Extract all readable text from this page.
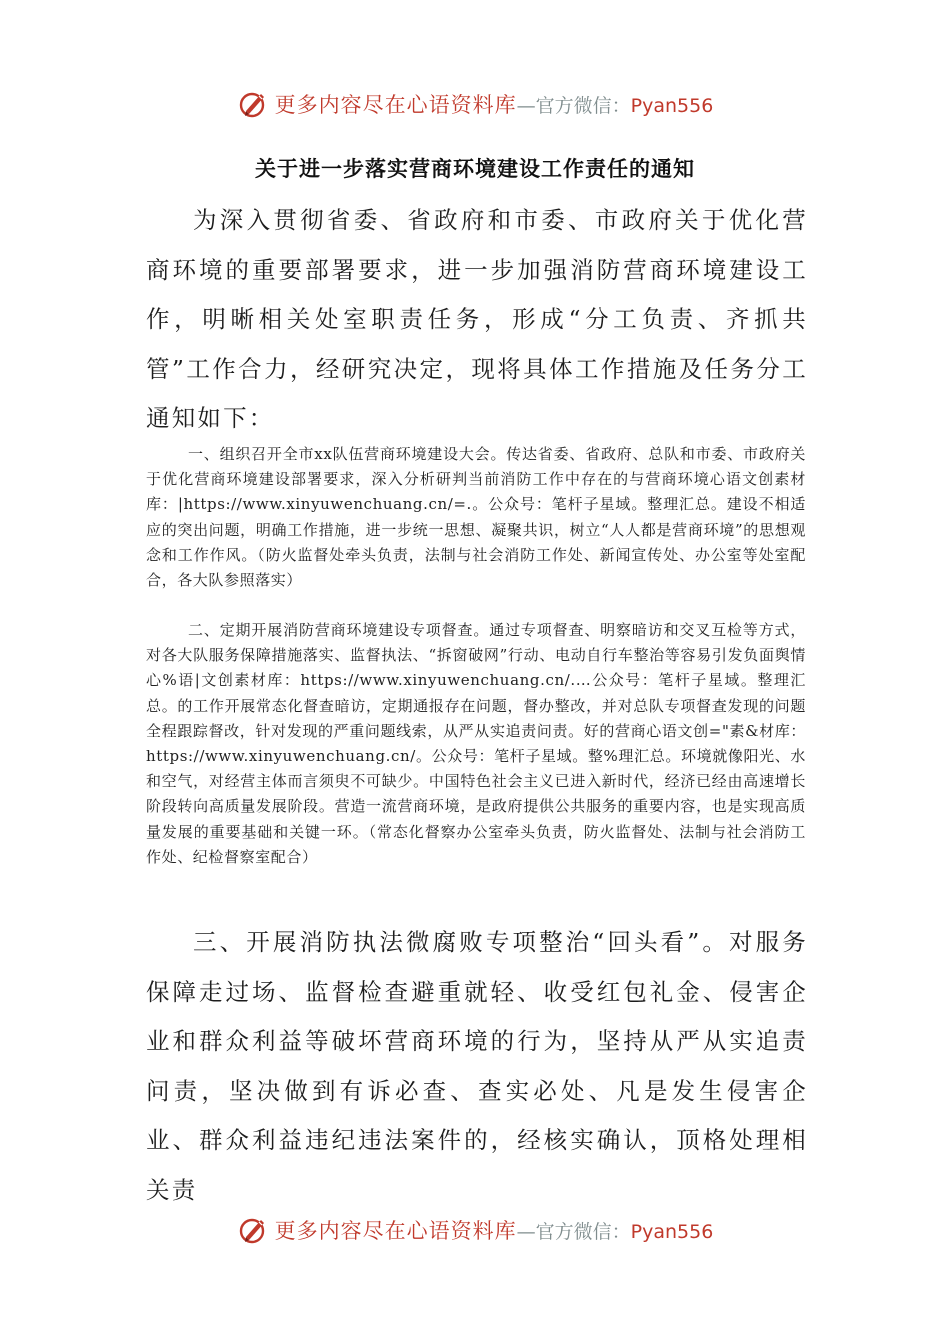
更多内容尽在心语资料库 —官方微信：Pyan556
关于进一步落实营商环境建设工作责任的通知

为深入贯彻省委、省政府和市委、市政府关于优化营商环境的重要部署要求，进一步加强消防营商环境建设工作，明晰相关处室职责任务，形成“分工负责、齐抓共管”工作合力，经研究决定，现将具体工作措施及任务分工通知如下：

一、组织召开全市xx队伍营商环境建设大会。传达省委、省政府、总队和市委、市政府关于优化营商环境建设部署要求，深入分析研判当前消防工作中存在的与营商环境心语文创素材库：|https://www.xinyuwenchuang.cn/=.。公众号：笔杆子星域。整理汇总。建设不相适应的突出问题，明确工作措施，进一步统一思想、凝聚共识，树立“人人都是营商环境”的思想观念和工作作风。（防火监督处牵头负责，法制与社会消防工作处、新闻宣传处、办公室等处室配合，各大队参照落实）

二、定期开展消防营商环境建设专项督查。通过专项督查、明察暗访和交叉互检等方式，对各大队服务保障措施落实、监督执法、“拆窗破网”行动、电动自行车整治等容易引发负面舆情心%语|文创素材库：https://www.xinyuwenchuang.cn/.…公众号：笔杆子星域。整理汇总。的工作开展常态化督查暗访，定期通报存在问题，督办整改，并对总队专项督查发现的问题全程跟踪督改，针对发现的严重问题线索，从严从实追责问责。好的营商心语文创="素&材库：https://www.xinyuwenchuang.cn/。公众号：笔杆子星域。整%理汇总。环境就像阳光、水和空气，对经营主体而言须臾不可缺少。中国特色社会主义已进入新时代，经济已经由高速增长阶段转向高质量发展阶段。营造一流营商环境，是政府提供公共服务的重要内容，也是实现高质量发展的重要基础和关键一环。（常态化督察办公室牵头负责，防火监督处、法制与社会消防工作处、纪检督察室配合）

三、开展消防执法微腐败专项整治“回头看”。对服务保障走过场、监督检查避重就轻、收受红包礼金、侵害企业和群众利益等破坏营商环境的行为，坚持从严从实追责问责，坚决做到有诉必查、查实必处、凡是发生侵害企业、群众利益违纪违法案件的，经核实确认，顶格处理相关责

更多内容尽在心语资料库 —官方微信：Pyan556
